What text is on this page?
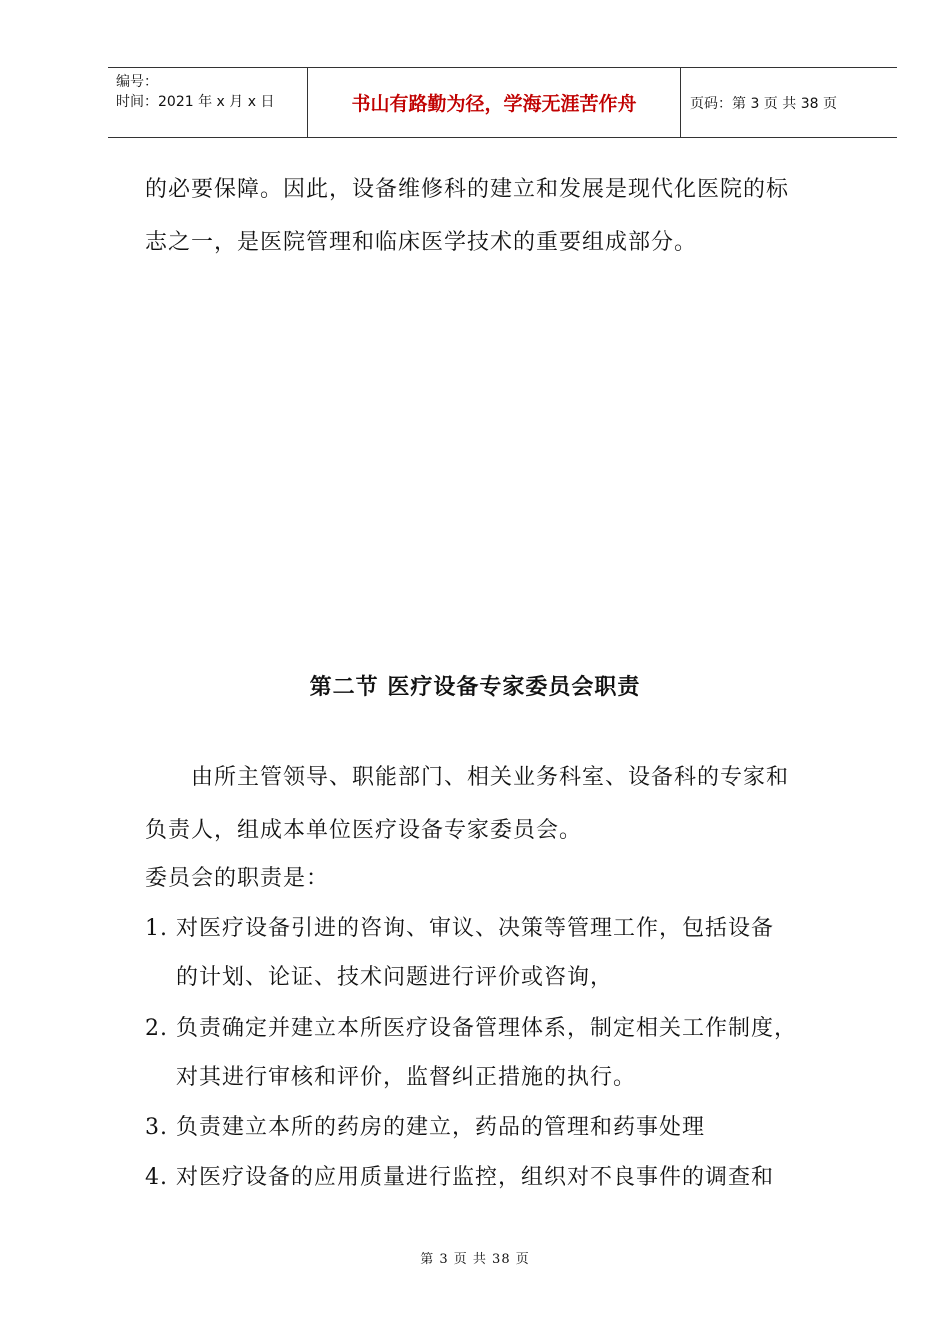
编号：
时间：2021 年 x 月 x 日	书山有路勤为径，学海无涯苦作舟	页码：第 3 页 共 38 页
的必要保障。因此，设备维修科的建立和发展是现代化医院的标
志之一，是医院管理和临床医学技术的重要组成部分。
第二节 医疗设备专家委员会职责
　　由所主管领导、职能部门、相关业务科室、设备科的专家和
负责人，组成本单位医疗设备专家委员会。
委员会的职责是：
1. 对医疗设备引进的咨询、审议、决策等管理工作，包括设备
　 的计划、论证、技术问题进行评价或咨询，
2. 负责确定并建立本所医疗设备管理体系，制定相关工作制度，
　 对其进行审核和评价，监督纠正措施的执行。
3. 负责建立本所的药房的建立，药品的管理和药事处理
4. 对医疗设备的应用质量进行监控，组织对不良事件的调查和
第 3 页 共 38 页
